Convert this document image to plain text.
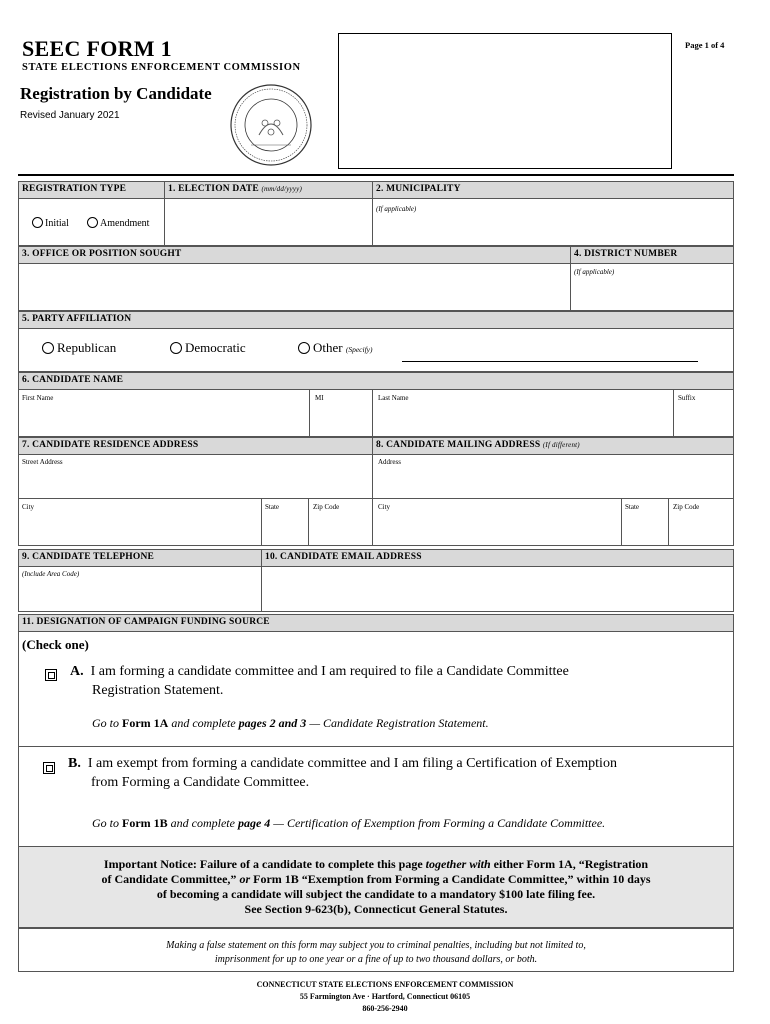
SEEC FORM 1
STATE ELECTIONS ENFORCEMENT COMMISSION
Registration by Candidate
Revised January 2021
Page 1 of 4
REGISTRATION TYPE	1. ELECTION DATE (mm/dd/yyyy)	2. MUNICIPALITY
(If applicable)
Initial	Amendment
3. OFFICE OR POSITION SOUGHT	4. DISTRICT NUMBER
(If applicable)
5. PARTY AFFILIATION
Republican	Democratic	Other (Specify)
6. CANDIDATE NAME
First Name	MI	Last Name	Suffix
7. CANDIDATE RESIDENCE ADDRESS	8. CANDIDATE MAILING ADDRESS (If different)
Street Address	Address
City	State	Zip Code	City	State	Zip Code
9. CANDIDATE TELEPHONE	10. CANDIDATE EMAIL ADDRESS
(Include Area Code)
11. DESIGNATION OF CAMPAIGN FUNDING SOURCE
(Check one)
A. I am forming a candidate committee and I am required to file a Candidate Committee
Registration Statement.
Go to Form 1A and complete pages 2 and 3 — Candidate Registration Statement.
B. I am exempt from forming a candidate committee and I am filing a Certification of Exemption
from Forming a Candidate Committee.
Go to Form 1B and complete page 4 — Certification of Exemption from Forming a Candidate Committee.
Important Notice: Failure of a candidate to complete this page together with either Form 1A, “Registration
of Candidate Committee,” or Form 1B “Exemption from Forming a Candidate Committee,” within 10 days
of becoming a candidate will subject the candidate to a mandatory $100 late filing fee.
See Section 9-623(b), Connecticut General Statutes.
Making a false statement on this form may subject you to criminal penalties, including but not limited to,
imprisonment for up to one year or a fine of up to two thousand dollars, or both.
CONNECTICUT STATE ELECTIONS ENFORCEMENT COMMISSION
55 Farmington Ave · Hartford, Connecticut 06105
860-256-2940
